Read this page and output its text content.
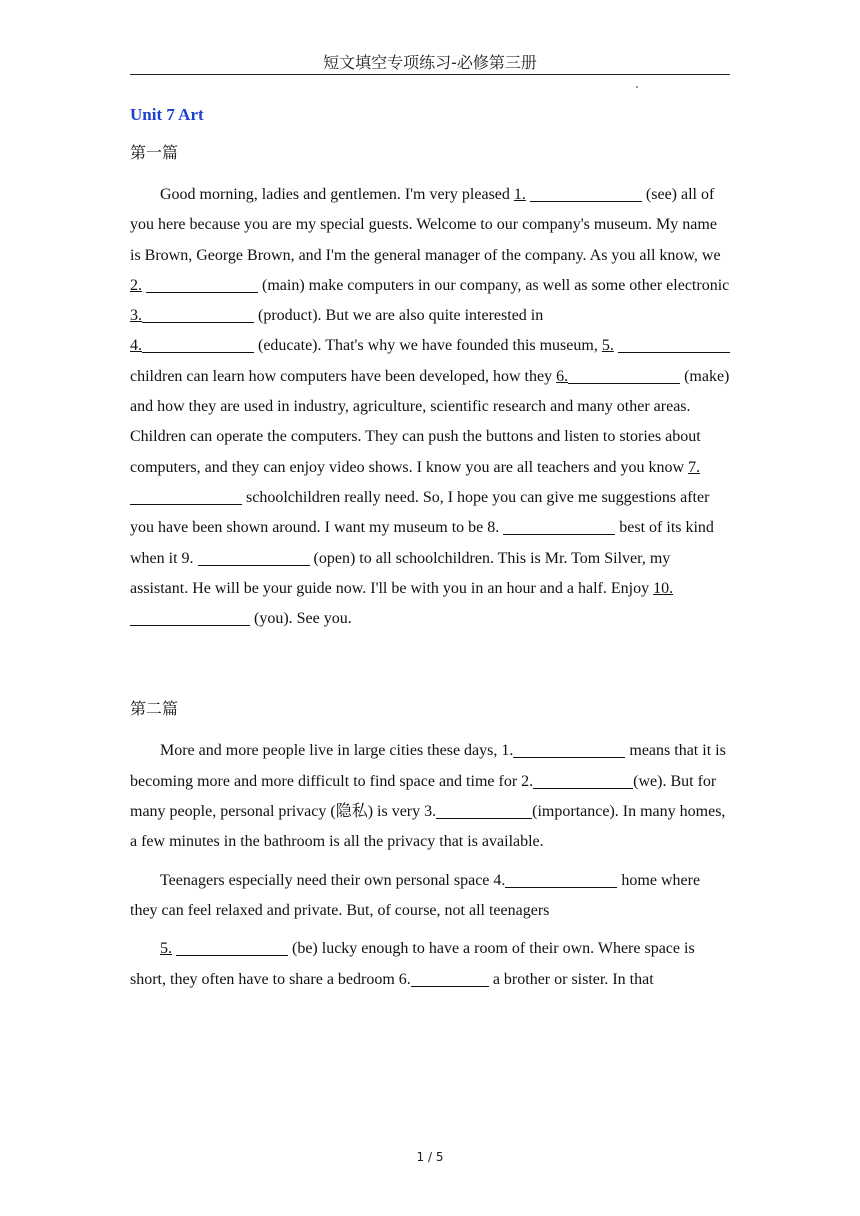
短文填空专项练习-必修第三册
Unit 7 Art
第一篇

Good morning, ladies and gentlemen. I'm very pleased 1.	(see) all of you here because you are my special guests. Welcome to our company's museum. My name is Brown, George Brown, and I'm the general manager of the company. As you all know, we 2.	(main) make computers in our company, as well as some other electronic 3.	(product). But we are also quite interested in

4.	(educate). That's why we have founded this museum, 5.  children can learn how computers have been developed, how they 6.	(make) and how they are used in industry, agriculture, scientific research and many other areas. Children can operate the computers. They can push the buttons and listen to stories about computers, and they can enjoy video shows. I know you are all teachers and you know 7.  schoolchildren really need. So, I hope you can give me suggestions after you have been shown around. I want my museum to be 8.	best of its kind when it 9.	(open) to all schoolchildren. This is Mr. Tom Silver, my assistant. He will be your guide now. I'll be with you in an hour and a half. Enjoy 10. (you). See you.

第二篇

More and more people live in large cities these days, 1.	means that it is becoming more and more difficult to find space and time for 2.	(we). But for many people, personal privacy (隐私) is very 3.	(importance). In many homes, a few minutes in the bathroom is all the privacy that is available.

Teenagers especially need their own personal space 4.	home where they can feel relaxed and private. But, of course, not all teenagers

5.	(be) lucky enough to have a room of their own. Where space is short, they often have to share a bedroom 6.	a brother or sister. In that

1 / 5
